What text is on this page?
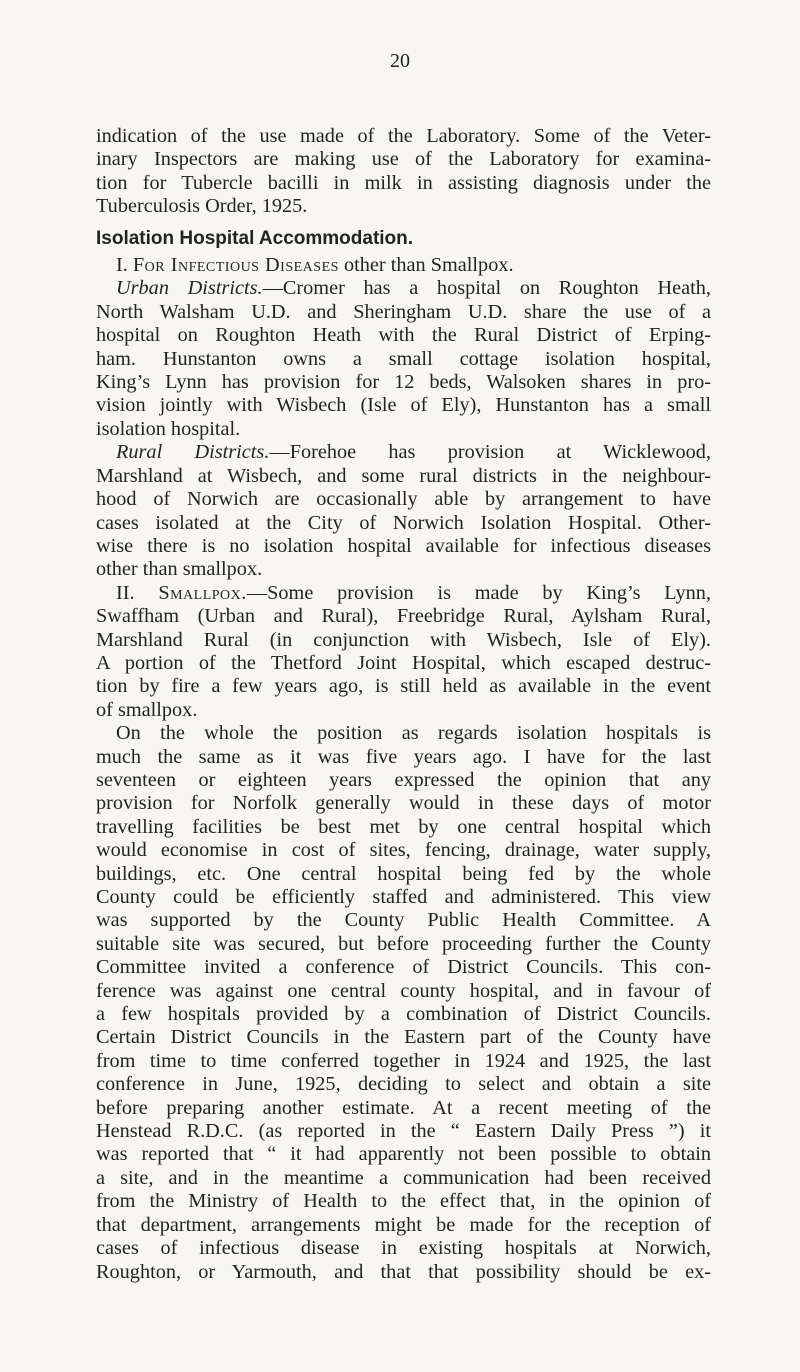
20
indication of the use made of the Laboratory. Some of the Veter-
inary Inspectors are making use of the Laboratory for examina-
tion for Tubercle bacilli in milk in assisting diagnosis under the
Tuberculosis Order, 1925.
Isolation Hospital Accommodation.
I. For Infectious Diseases other than Smallpox.
Urban Districts.—Cromer has a hospital on Roughton Heath,
North Walsham U.D. and Sheringham U.D. share the use of a
hospital on Roughton Heath with the Rural District of Erping-
ham. Hunstanton owns a small cottage isolation hospital,
King’s Lynn has provision for 12 beds, Walsoken shares in pro-
vision jointly with Wisbech (Isle of Ely), Hunstanton has a small
isolation hospital.
Rural Districts.—Forehoe has provision at Wicklewood,
Marshland at Wisbech, and some rural districts in the neighbour-
hood of Norwich are occasionally able by arrangement to have
cases isolated at the City of Norwich Isolation Hospital. Other-
wise there is no isolation hospital available for infectious diseases
other than smallpox.
II. Smallpox.—Some provision is made by King’s Lynn,
Swaffham (Urban and Rural), Freebridge Rural, Aylsham Rural,
Marshland Rural (in conjunction with Wisbech, Isle of Ely).
A portion of the Thetford Joint Hospital, which escaped destruc-
tion by fire a few years ago, is still held as available in the event
of smallpox.
On the whole the position as regards isolation hospitals is
much the same as it was five years ago. I have for the last
seventeen or eighteen years expressed the opinion that any
provision for Norfolk generally would in these days of motor
travelling facilities be best met by one central hospital which
would economise in cost of sites, fencing, drainage, water supply,
buildings, etc. One central hospital being fed by the whole
County could be efficiently staffed and administered. This view
was supported by the County Public Health Committee. A
suitable site was secured, but before proceeding further the County
Committee invited a conference of District Councils. This con-
ference was against one central county hospital, and in favour of
a few hospitals provided by a combination of District Councils.
Certain District Councils in the Eastern part of the County have
from time to time conferred together in 1924 and 1925, the last
conference in June, 1925, deciding to select and obtain a site
before preparing another estimate. At a recent meeting of the
Henstead R.D.C. (as reported in the “ Eastern Daily Press ”) it
was reported that “ it had apparently not been possible to obtain
a site, and in the meantime a communication had been received
from the Ministry of Health to the effect that, in the opinion of
that department, arrangements might be made for the reception of
cases of infectious disease in existing hospitals at Norwich,
Roughton, or Yarmouth, and that that possibility should be ex-
